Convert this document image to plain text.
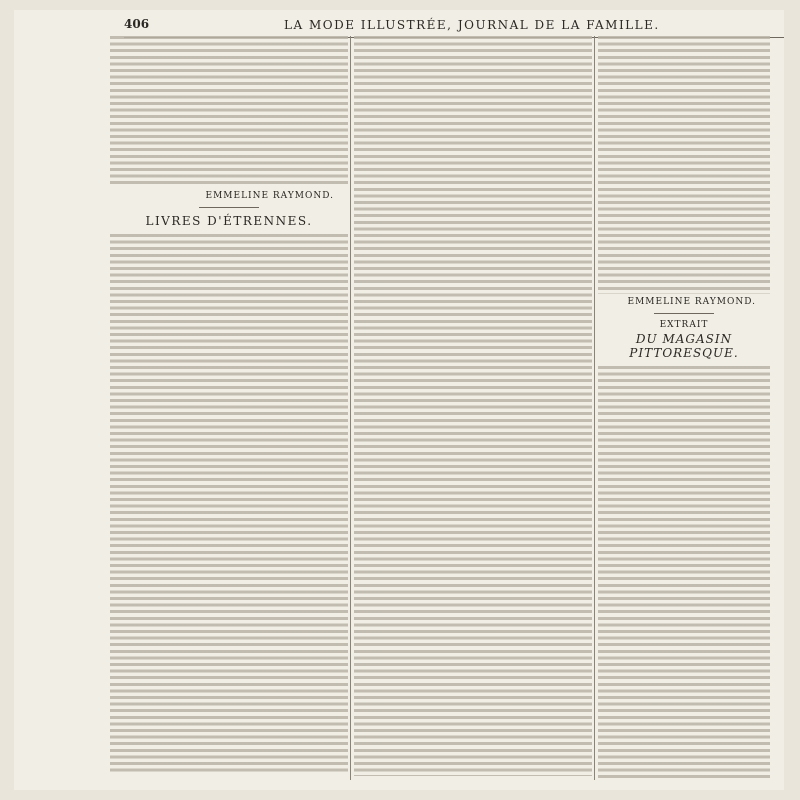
406	LA MODE ILLUSTRÉE, JOURNAL DE LA FAMILLE.
EMMELINE RAYMOND.
LIVRES D'ÉTRENNES.
EMMELINE RAYMOND.
EXTRAIT
DU MAGASIN PITTORESQUE.
